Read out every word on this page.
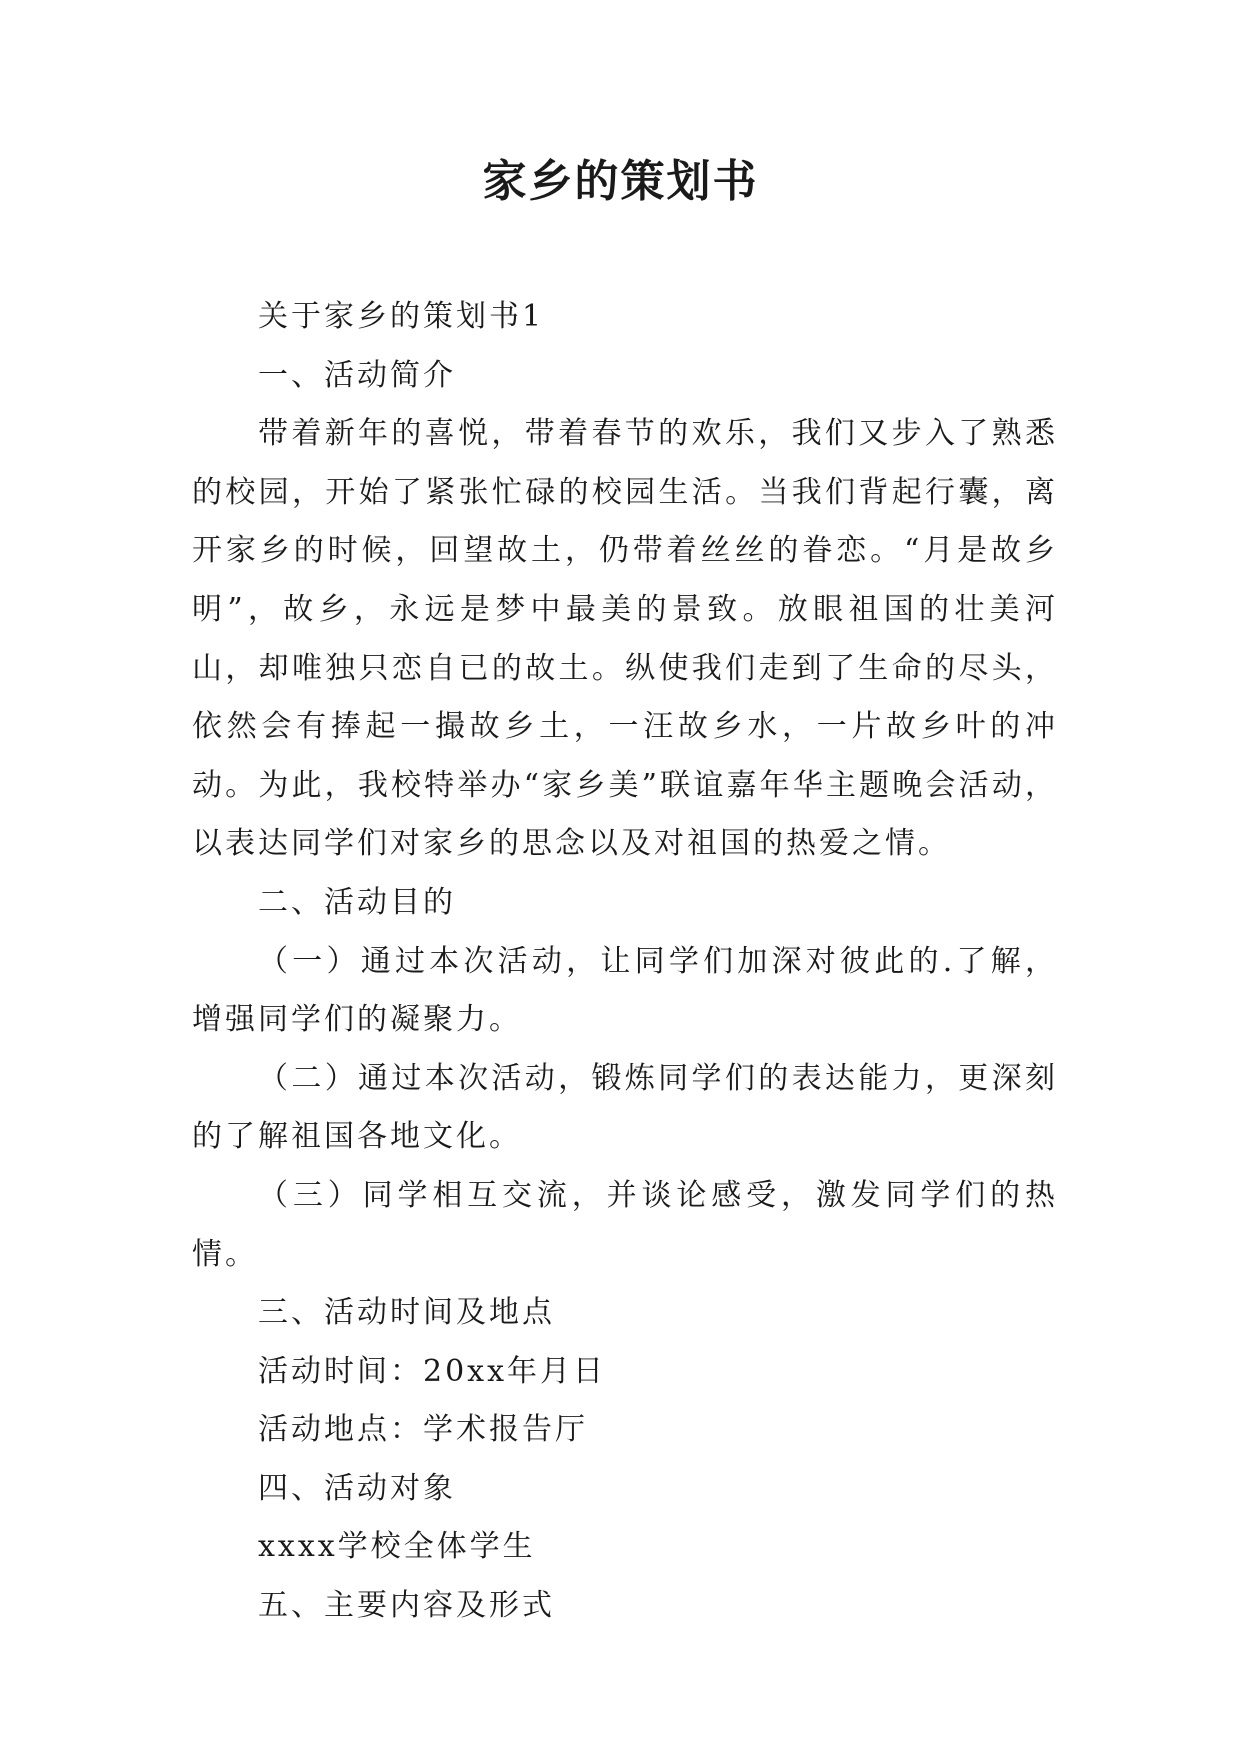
家乡的策划书

关于家乡的策划书1

一、活动简介

带着新年的喜悦，带着春节的欢乐，我们又步入了熟悉的校园，开始了紧张忙碌的校园生活。当我们背起行囊，离开家乡的时候，回望故土，仍带着丝丝的眷恋。“月是故乡明”，故乡，永远是梦中最美的景致。放眼祖国的壮美河山，却唯独只恋自已的故土。纵使我们走到了生命的尽头，依然会有捧起一撮故乡土，一汪故乡水，一片故乡叶的冲动。为此，我校特举办“家乡美”联谊嘉年华主题晚会活动，以表达同学们对家乡的思念以及对祖国的热爱之情。

二、活动目的

（一）通过本次活动，让同学们加深对彼此的.了解，增强同学们的凝聚力。

（二）通过本次活动，锻炼同学们的表达能力，更深刻的了解祖国各地文化。

（三）同学相互交流，并谈论感受，激发同学们的热情。

三、活动时间及地点

活动时间：20xx年月日

活动地点：学术报告厅

四、活动对象

xxxx学校全体学生

五、主要内容及形式
